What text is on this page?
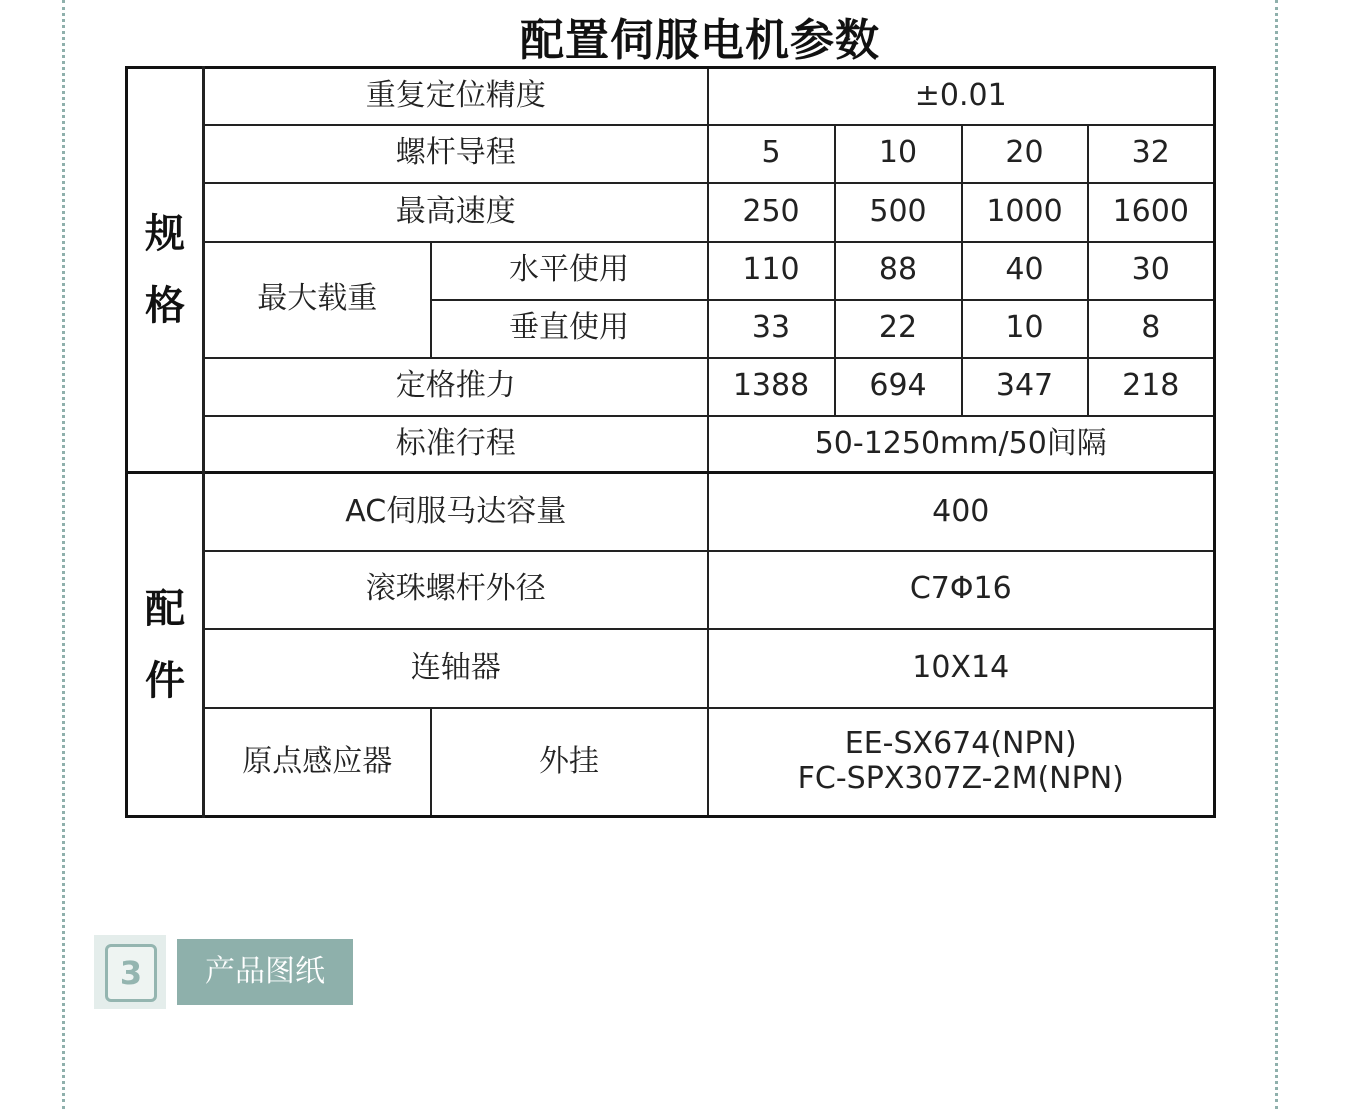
配置伺服电机参数
规
格	重复定位精度		±0.01			
	螺杆导程		5	10	20	32
	最高速度		250	500	1000	1600
	最大载重	水平使用	110	88	40	30
		垂直使用	33	22	10	8
	定格推力		1388	694	347	218
	标准行程		50-1250mm/50间隔			

配
件	AC伺服马达容量		400			
	滚珠螺杆外径		C7Φ16			
	连轴器		10X14			
	原点感应器	外挂	EE-SX674(NPN)
FC-SPX307Z-2M(NPN)			
3	产品图纸
